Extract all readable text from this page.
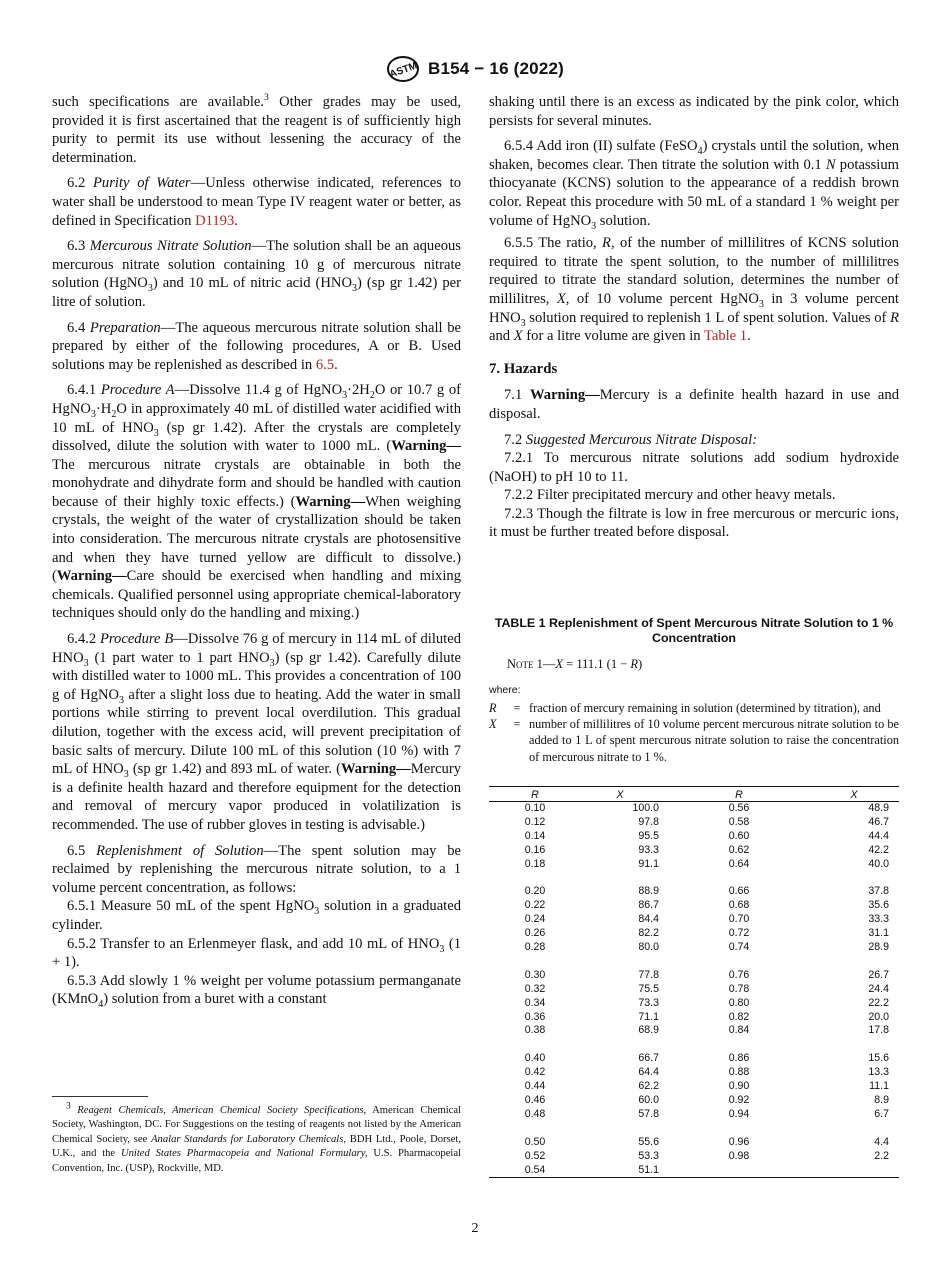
ASTM B154 − 16 (2022)

such specifications are available.$^3$ Other grades may be used, provided it is first ascertained that the reagent is of sufficiently high purity to permit its use without lessening the accuracy of the determination.

6.2 Purity of Water—Unless otherwise indicated, references to water shall be understood to mean Type IV reagent water or better, as defined in Specification D1193.

6.3 Mercurous Nitrate Solution—The solution shall be an aqueous mercurous nitrate solution containing 10 g of mercurous nitrate solution (HgNO$_3$) and 10 mL of nitric acid $(HNO_3)$ (sp gr 1.42) per litre of solution.

6.4 Preparation—The aqueous mercurous nitrate solution shall be prepared by either of the following procedures, A or B. Used solutions may be replenished as described in 6.5.

6.4.1 Procedure A—Dissolve 11.4 g of $HgNO_3\cdot 2H_2O$ or 10.7 g of $HgNO_3\cdot H_2O$ in approximately 40 mL of distilled water acidified with 10 mL of $HNO_3$ (sp gr 1.42). After the crystals are completely dissolved, dilute the solution with water to 1000 mL. (Warning—The mercurous nitrate crystals are obtainable in both the monohydrate and dihydrate form and should be handled with caution because of their highly toxic effects.) (Warning—When weighing crystals, the weight of the water of crystallization should be taken into consideration. The mercurous nitrate crystals are photosensitive and when they have turned yellow are difficult to dissolve.) (Warning—Care should be exercised when handling and mixing chemicals. Qualified personnel using appropriate chemical-laboratory techniques should only do the handling and mixing.)

6.4.2 Procedure B—Dissolve 76 g of mercury in 114 mL of diluted $HNO_3$ (1 part water to 1 part $HNO_3$) (sp gr 1.42). Carefully dilute with distilled water to 1000 mL. This provides a concentration of 100 g of HgNO$_3$ after a slight loss due to heating. Add the water in small portions while stirring to prevent local overdilution. This gradual dilution, together with the excess acid, will prevent precipitation of basic salts of mercury. Dilute 100 mL of this solution (10 %) with 7 mL of $HNO_3$ (sp gr 1.42) and 893 mL of water. (Warning—Mercury is a definite health hazard and therefore equipment for the detection and removal of mercury vapor produced in volatilization is recommended. The use of rubber gloves in testing is advisable.)

6.5 Replenishment of Solution—The spent solution may be reclaimed by replenishing the mercurous nitrate solution, to a 1 volume percent concentration, as follows:

6.5.1 Measure 50 mL of the spent HgNO$_3$ solution in a graduated cylinder.

6.5.2 Transfer to an Erlenmeyer flask, and add 10 mL of $HNO_3$ (1 + 1).

6.5.3 Add slowly 1 % weight per volume potassium permanganate (KMnO$_4$) solution from a buret with a constant

$^3$ Reagent Chemicals, American Chemical Society Specifications, American Chemical Society, Washington, DC. For Suggestions on the testing of reagents not listed by the American Chemical Society, see Analar Standards for Laboratory Chemicals, BDH Ltd., Poole, Dorset, U.K., and the United States Pharmacopeia and National Formulary, U.S. Pharmacopeial Convention, Inc. (USP), Rockville, MD.

shaking until there is an excess as indicated by the pink color, which persists for several minutes.

6.5.4 Add iron (II) sulfate (FeSO$_4$) crystals until the solution, when shaken, becomes clear. Then titrate the solution with 0.1 N potassium thiocyanate (KCNS) solution to the appearance of a reddish brown color. Repeat this procedure with 50 mL of a standard 1 % weight per volume of HgNO$_3$ solution.

6.5.5 The ratio, R, of the number of millilitres of KCNS solution required to titrate the spent solution, to the number of millilitres required to titrate the standard solution, determines the number of millilitres, X, of 10 volume percent HgNO$_3$ in 3 volume percent $HNO_3$ solution required to replenish 1 L of spent solution. Values of R and X for a litre volume are given in Table 1.

7. Hazards

7.1 Warning—Mercury is a definite health hazard in use and disposal.

7.2 Suggested Mercurous Nitrate Disposal:

7.2.1 To mercurous nitrate solutions add sodium hydroxide (NaOH) to pH 10 to 11.

7.2.2 Filter precipitated mercury and other heavy metals.

7.2.3 Though the filtrate is low in free mercurous or mercuric ions, it must be further treated before disposal.

TABLE 1 Replenishment of Spent Mercurous Nitrate Solution to 1 % Concentration
Note 1—X = 111.1 (1 − R)
where:
R	= fraction of mercury remaining in solution (determined by titration), and
X	= number of millilitres of 10 volume percent mercurous nitrate solution to be added to 1 L of spent mercurous nitrate solution to raise the concentration of mercurous nitrate to 1 %.
R	X	R	X
0.10	100.0	0.56	48.9
0.12	97.8	0.58	46.7
0.14	95.5	0.60	44.4
0.16	93.3	0.62	42.2
0.18	91.1	0.64	40.0

0.20	88.9	0.66	37.8
0.22	86.7	0.68	35.6
0.24	84.4	0.70	33.3
0.26	82.2	0.72	31.1
0.28	80.0	0.74	28.9

0.30	77.8	0.76	26.7
0.32	75.5	0.78	24.4
0.34	73.3	0.80	22.2
0.36	71.1	0.82	20.0
0.38	68.9	0.84	17.8

0.40	66.7	0.86	15.6
0.42	64.4	0.88	13.3
0.44	62.2	0.90	11.1
0.46	60.0	0.92	8.9
0.48	57.8	0.94	6.7

0.50	55.6	0.96	4.4
0.52	53.3	0.98	2.2
0.54	51.1		
2
